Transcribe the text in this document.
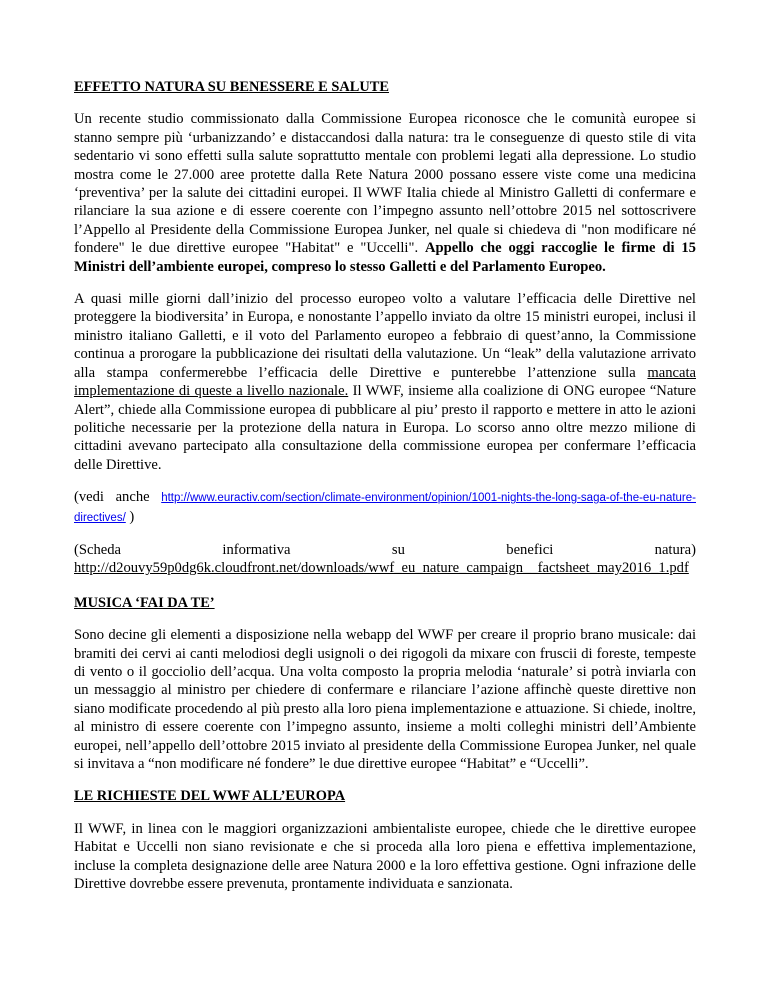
EFFETTO NATURA SU BENESSERE E SALUTE
Un recente studio commissionato dalla Commissione Europea riconosce che le comunità europee si stanno sempre più ‘urbanizzando’ e distaccandosi dalla natura: tra le conseguenze di questo stile di vita sedentario vi sono effetti sulla salute soprattutto mentale con problemi legati alla depressione. Lo studio mostra come le 27.000 aree protette dalla Rete Natura 2000 possano essere viste come una medicina ‘preventiva’ per la salute dei cittadini europei. Il WWF Italia chiede al Ministro Galletti di confermare e rilanciare la sua azione e di essere coerente con l’impegno assunto nell’ottobre 2015 nel sottoscrivere l’Appello al Presidente della Commissione Europea Junker, nel quale si chiedeva di "non modificare né fondere" le due direttive europee "Habitat" e "Uccelli". Appello che oggi raccoglie le firme di 15 Ministri dell’ambiente europei, compreso lo stesso Galletti e del Parlamento Europeo.
A quasi mille giorni dall’inizio del processo europeo volto a valutare l’efficacia delle Direttive nel proteggere la biodiversita’ in Europa, e nonostante l’appello inviato da oltre 15 ministri europei, inclusi il ministro italiano Galletti, e il voto del Parlamento europeo a febbraio di quest’anno, la Commissione continua a prorogare la pubblicazione dei risultati della valutazione. Un “leak” della valutazione arrivato alla stampa confermerebbe l’efficacia delle Direttive e punterebbe l’attenzione sulla mancata implementazione di queste a livello nazionale. Il WWF, insieme alla coalizione di ONG europee “Nature Alert”, chiede alla Commissione europea di pubblicare al piu’ presto il rapporto e mettere in atto le azioni politiche necessarie per la protezione della natura in Europa. Lo scorso anno oltre mezzo milione di cittadini avevano partecipato alla consultazione della commissione europea per confermare l’efficacia delle Direttive.
(vedi anche http://www.euractiv.com/section/climate-environment/opinion/1001-nights-the-long-saga-of-the-eu-nature-directives/ )
(Scheda	informativa	su	benefici	natura)
http://d2ouvy59p0dg6k.cloudfront.net/downloads/wwf_eu_nature_campaign__factsheet_may2016_1.pdf
MUSICA ‘FAI DA TE’
Sono decine gli elementi a disposizione nella webapp del WWF per creare il proprio brano musicale: dai bramiti dei cervi ai canti melodiosi degli usignoli o dei rigogoli da mixare con fruscii di foreste, tempeste di vento o il gocciolio dell’acqua. Una volta composto la propria melodia ‘naturale’ si potrà inviarla con un messaggio al ministro per chiedere di confermare e rilanciare l’azione affinchè queste direttive non siano modificate procedendo al più presto alla loro piena implementazione e attuazione. Si chiede, inoltre, al ministro di essere coerente con l’impegno assunto, insieme a molti colleghi ministri dell’Ambiente europei, nell’appello dell’ottobre 2015 inviato al presidente della Commissione Europea Junker, nel quale si invitava a “non modificare né fondere” le due direttive europee “Habitat” e “Uccelli”.
LE RICHIESTE DEL WWF ALL’EUROPA
Il WWF, in linea con le maggiori organizzazioni ambientaliste europee, chiede che le direttive europee Habitat e Uccelli non siano revisionate e che si proceda alla loro piena e effettiva implementazione, incluse la completa designazione delle aree Natura 2000 e la loro effettiva gestione. Ogni infrazione delle Direttive dovrebbe essere prevenuta, prontamente individuata e sanzionata.
